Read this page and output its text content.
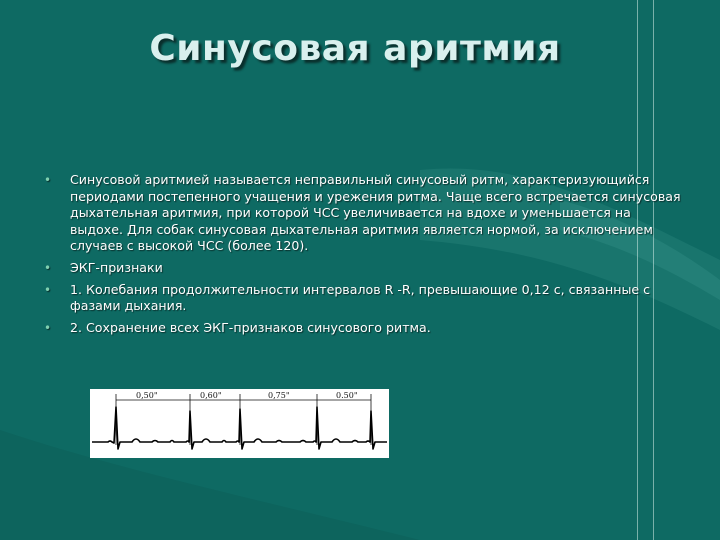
Синусовая аритмия
• Синусовой аритмией называется неправильный синусовый ритм, характеризующийся периодами постепенного учащения и урежения ритма. Чаще всего встречается синусовая дыхательная аритмия, при которой ЧСС увеличивается на вдохе и уменьшается на выдохе. Для собак синусовая дыхательная аритмия является нормой, за исключением случаев с высокой ЧСС (более 120).
• ЭКГ-признаки
• 1. Колебания продолжительности интервалов R -R, превышающие 0,12 с, связанные с фазами дыхания.
• 2. Сохранение всех ЭКГ-признаков синусового ритма.
0,50"	0,60"	0,75"	0.50"
